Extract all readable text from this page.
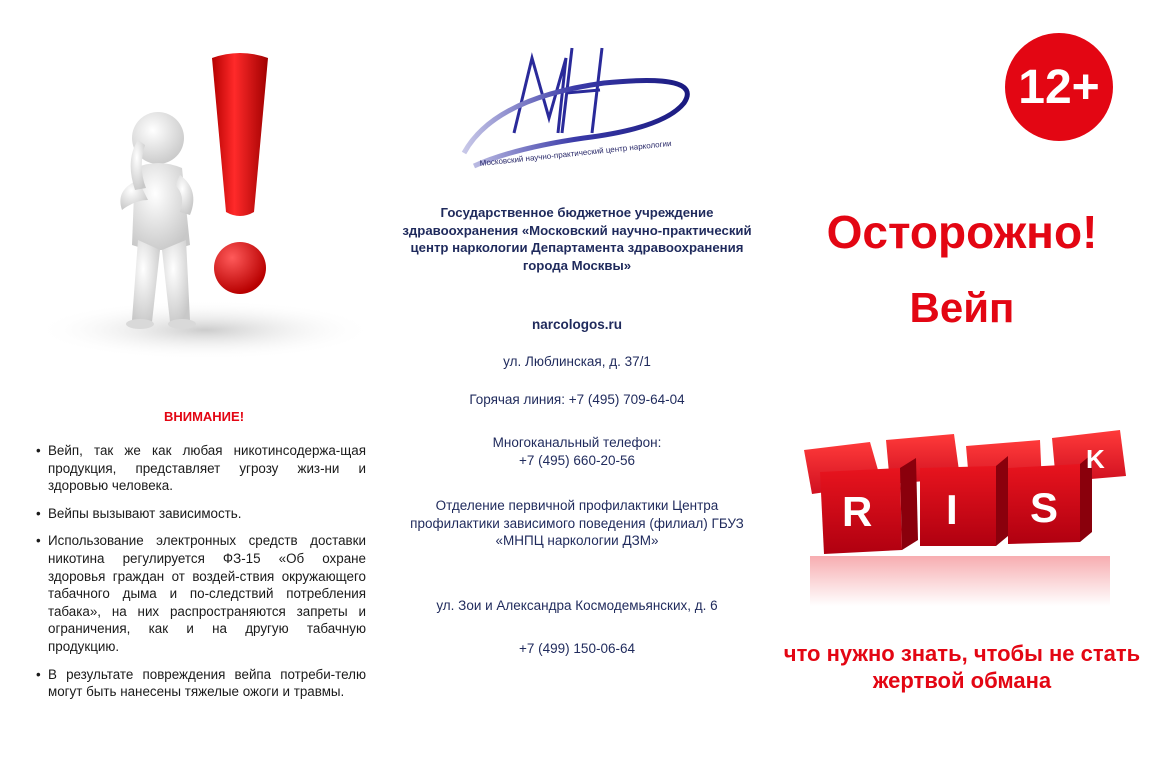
ВНИМАНИЕ!
• Вейп, так же как любая никотинсодержа-щая продукция, представляет угрозу жиз-ни и здоровью человека.
• Вейпы вызывают зависимость.
• Использование электронных средств доставки никотина регулируется ФЗ-15 «Об охране здоровья граждан от воздей-ствия окружающего табачного дыма и по-следствий потребления табака», на них распространяются запреты и ограничения, как и на другую табачную продукцию.
• В результате повреждения вейпа потреби-телю могут быть нанесены тяжелые ожоги и травмы.
Московский научно-практический центр наркологии
Государственное бюджетное учреждение здравоохранения «Московский научно-практический центр наркологии Департамента здравоохранения города Москвы»
narcologos.ru
ул. Люблинская, д. 37/1
Горячая линия: +7 (495) 709-64-04
Многоканальный телефон:
+7 (495) 660-20-56
Отделение первичной профилактики Центра профилактики зависимого поведения (филиал) ГБУЗ «МНПЦ наркологии ДЗМ»
ул. Зои и Александра Космодемьянских, д. 6
+7 (499) 150-06-64
12+
Осторожно!
Вейп
R I S
K
что нужно знать, чтобы не стать жертвой обмана
